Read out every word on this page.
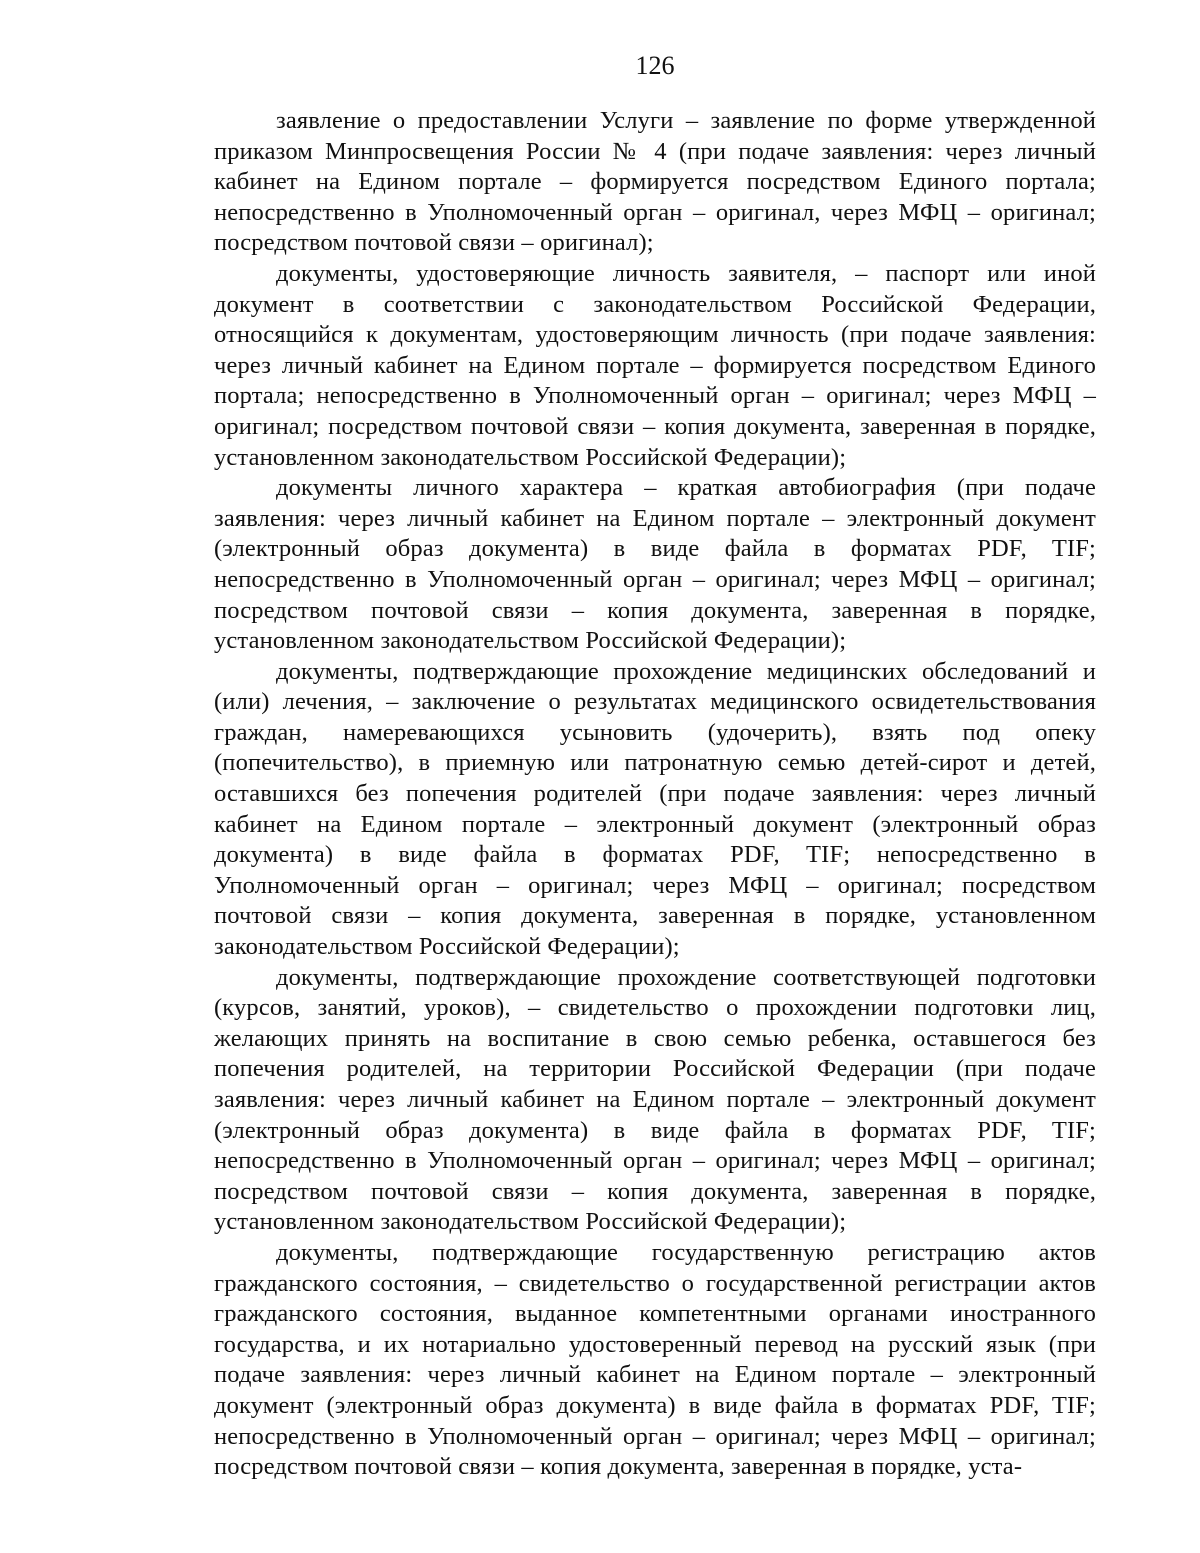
126

заявление о предоставлении Услуги – заявление по форме утвержденной приказом Минпросвещения России № 4 (при подаче заявления: через личный кабинет на Едином портале – формируется посредством Единого портала; непосредственно в Уполномоченный орган – оригинал, через МФЦ – оригинал; посредством почтовой связи – оригинал);

документы, удостоверяющие личность заявителя, – паспорт или иной документ в соответствии с законодательством Российской Федерации, относящийся к документам, удостоверяющим личность (при подаче заявления: через личный кабинет на Едином портале – формируется посредством Единого портала; непосредственно в Уполномоченный орган – оригинал; через МФЦ – оригинал; посредством почтовой связи – копия документа, заверенная в порядке, установленном законодательством Российской Федерации);

документы личного характера – краткая автобиография (при подаче заявления: через личный кабинет на Едином портале – электронный документ (электронный образ документа) в виде файла в форматах PDF, TIF; непосредственно в Уполномоченный орган – оригинал; через МФЦ – оригинал; посредством почтовой связи – копия документа, заверенная в порядке, установленном законодательством Российской Федерации);

документы, подтверждающие прохождение медицинских обследований и (или) лечения, – заключение о результатах медицинского освидетельствования граждан, намеревающихся усыновить (удочерить), взять под опеку (попечительство), в приемную или патронатную семью детей-сирот и детей, оставшихся без попечения родителей (при подаче заявления: через личный кабинет на Едином портале – электронный документ (электронный образ документа) в виде файла в форматах PDF, TIF; непосредственно в Уполномоченный орган – оригинал; через МФЦ – оригинал; посредством почтовой связи – копия документа, заверенная в порядке, установленном законодательством Российской Федерации);

документы, подтверждающие прохождение соответствующей подготовки (курсов, занятий, уроков), – свидетельство о прохождении подготовки лиц, желающих принять на воспитание в свою семью ребенка, оставшегося без попечения родителей, на территории Российской Федерации (при подаче заявления: через личный кабинет на Едином портале – электронный документ (электронный образ документа) в виде файла в форматах PDF, TIF; непосредственно в Уполномоченный орган – оригинал; через МФЦ – оригинал; посредством почтовой связи – копия документа, заверенная в порядке, установленном законодательством Российской Федерации);

документы, подтверждающие государственную регистрацию актов гражданского состояния, – свидетельство о государственной регистрации актов гражданского состояния, выданное компетентными органами иностранного государства, и их нотариально удостоверенный перевод на русский язык (при подаче заявления: через личный кабинет на Едином портале – электронный документ (электронный образ документа) в виде файла в форматах PDF, TIF; непосредственно в Уполномоченный орган – оригинал; через МФЦ – оригинал; посредством почтовой связи – копия документа, заверенная в порядке, уста-
